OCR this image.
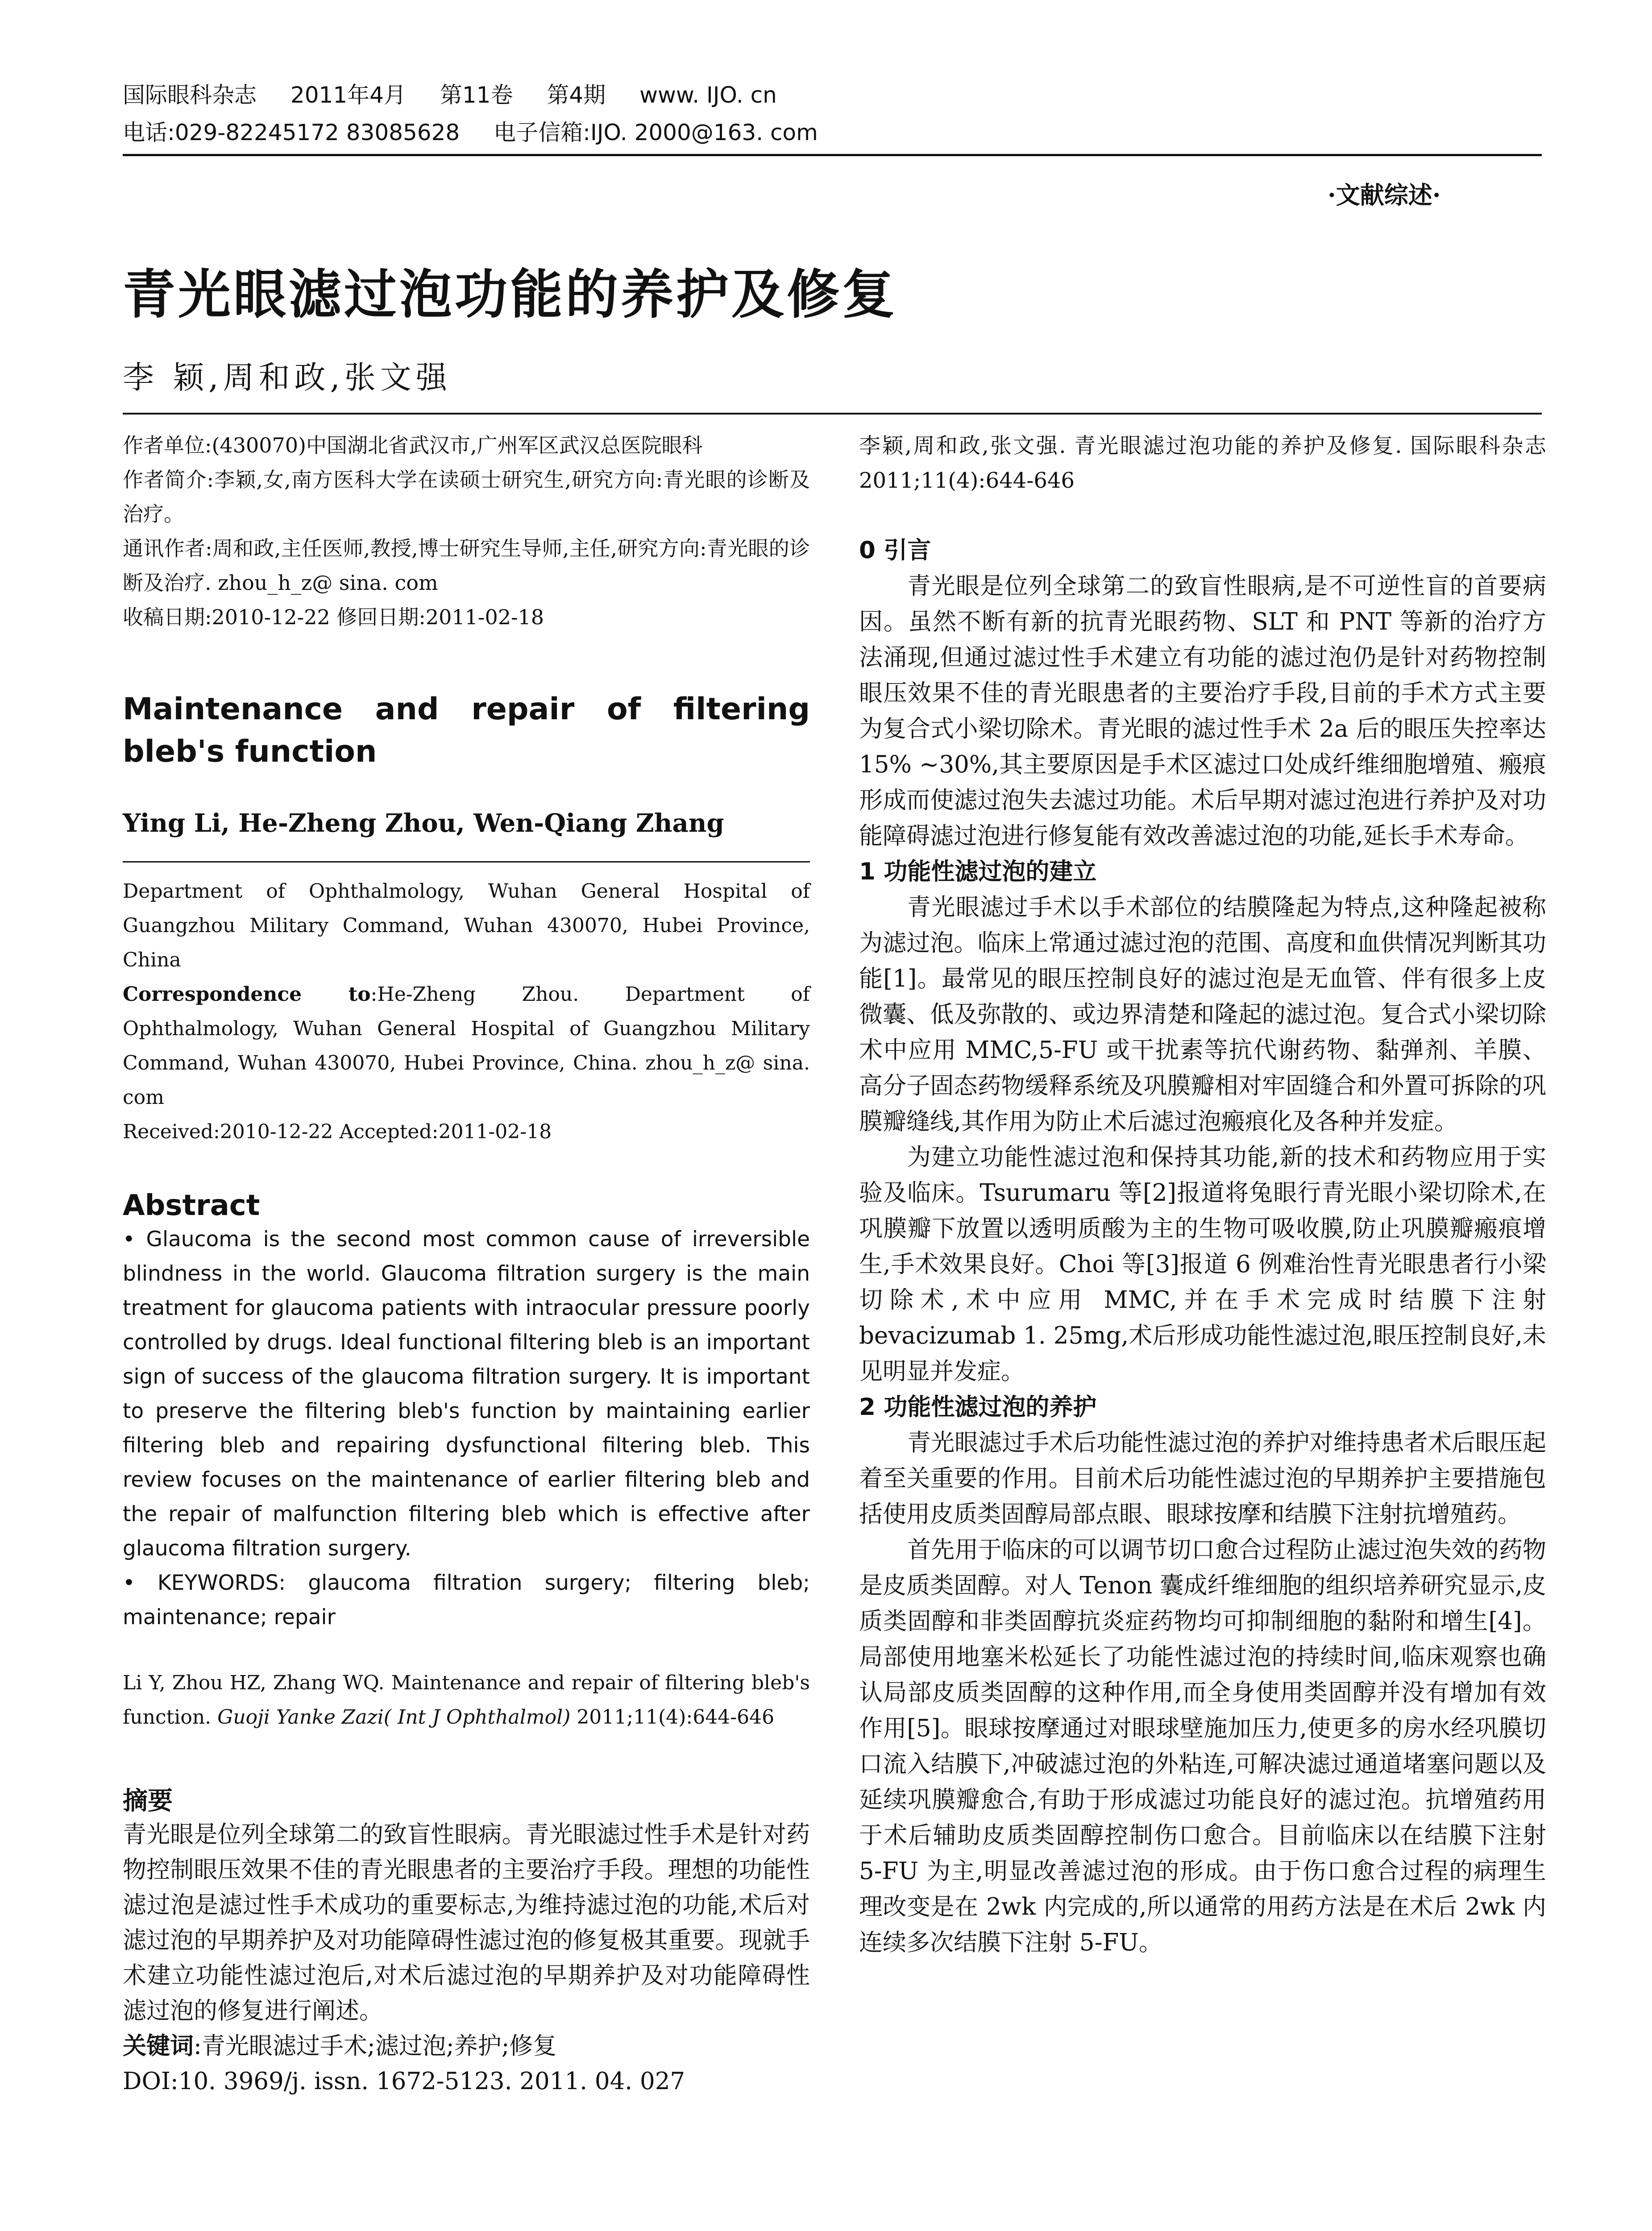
国际眼科杂志 2011年4月 第11卷 第4期 www. IJO. cn
电话:029-82245172 83085628 电子信箱:IJO. 2000@163. com
·文献综述·
青光眼滤过泡功能的养护及修复
李 颖,周和政,张文强

作者单位:(430070)中国湖北省武汉市,广州军区武汉总医院眼科

作者简介:李颖,女,南方医科大学在读硕士研究生,研究方向:青光眼的诊断及治疗。

通讯作者:周和政,主任医师,教授,博士研究生导师,主任,研究方向:青光眼的诊断及治疗. zhou_h_z@ sina. com

收稿日期:2010-12-22 修回日期:2011-02-18

Maintenance and repair of filtering
bleb's function
Ying Li, He-Zheng Zhou, Wen-Qiang Zhang

Department of Ophthalmology, Wuhan General Hospital of Guangzhou Military Command, Wuhan 430070, Hubei Province, China

Correspondence to:He-Zheng Zhou. Department of Ophthalmology, Wuhan General Hospital of Guangzhou Military Command, Wuhan 430070, Hubei Province, China. zhou_h_z@ sina. com

Received:2010-12-22 Accepted:2011-02-18

Abstract

• Glaucoma is the second most common cause of irreversible blindness in the world. Glaucoma filtration surgery is the main treatment for glaucoma patients with intraocular pressure poorly controlled by drugs. Ideal functional filtering bleb is an important sign of success of the glaucoma filtration surgery. It is important to preserve the filtering bleb's function by maintaining earlier filtering bleb and repairing dysfunctional filtering bleb. This review focuses on the maintenance of earlier filtering bleb and the repair of malfunction filtering bleb which is effective after glaucoma filtration surgery.

• KEYWORDS: glaucoma filtration surgery; filtering bleb; maintenance; repair

Li Y, Zhou HZ, Zhang WQ. Maintenance and repair of filtering bleb's function. Guoji Yanke Zazi( Int J Ophthalmol) 2011;11(4):644-646
摘要

青光眼是位列全球第二的致盲性眼病。青光眼滤过性手术是针对药物控制眼压效果不佳的青光眼患者的主要治疗手段。理想的功能性滤过泡是滤过性手术成功的重要标志,为维持滤过泡的功能,术后对滤过泡的早期养护及对功能障碍性滤过泡的修复极其重要。现就手术建立功能性滤过泡后,对术后滤过泡的早期养护及对功能障碍性滤过泡的修复进行阐述。

关键词:青光眼滤过手术;滤过泡;养护;修复
DOI:10. 3969/j. issn. 1672-5123. 2011. 04. 027

李颖,周和政,张文强. 青光眼滤过泡功能的养护及修复. 国际眼科杂志 2011;11(4):644-646

0 引言

青光眼是位列全球第二的致盲性眼病,是不可逆性盲的首要病因。虽然不断有新的抗青光眼药物、SLT 和 PNT 等新的治疗方法涌现,但通过滤过性手术建立有功能的滤过泡仍是针对药物控制眼压效果不佳的青光眼患者的主要治疗手段,目前的手术方式主要为复合式小梁切除术。青光眼的滤过性手术 2a 后的眼压失控率达 15% ~30%,其主要原因是手术区滤过口处成纤维细胞增殖、瘢痕形成而使滤过泡失去滤过功能。术后早期对滤过泡进行养护及对功能障碍滤过泡进行修复能有效改善滤过泡的功能,延长手术寿命。

1 功能性滤过泡的建立

青光眼滤过手术以手术部位的结膜隆起为特点,这种隆起被称为滤过泡。临床上常通过滤过泡的范围、高度和血供情况判断其功能[1]。最常见的眼压控制良好的滤过泡是无血管、伴有很多上皮微囊、低及弥散的、或边界清楚和隆起的滤过泡。复合式小梁切除术中应用 MMC,5-FU 或干扰素等抗代谢药物、黏弹剂、羊膜、高分子固态药物缓释系统及巩膜瓣相对牢固缝合和外置可拆除的巩膜瓣缝线,其作用为防止术后滤过泡瘢痕化及各种并发症。

为建立功能性滤过泡和保持其功能,新的技术和药物应用于实验及临床。Tsurumaru 等[2]报道将兔眼行青光眼小梁切除术,在巩膜瓣下放置以透明质酸为主的生物可吸收膜,防止巩膜瓣瘢痕增生,手术效果良好。Choi 等[3]报道 6 例难治性青光眼患者行小梁切除术,术中应用 MMC,并在手术完成时结膜下注射 bevacizumab 1. 25mg,术后形成功能性滤过泡,眼压控制良好,未见明显并发症。

2 功能性滤过泡的养护

青光眼滤过手术后功能性滤过泡的养护对维持患者术后眼压起着至关重要的作用。目前术后功能性滤过泡的早期养护主要措施包括使用皮质类固醇局部点眼、眼球按摩和结膜下注射抗增殖药。

首先用于临床的可以调节切口愈合过程防止滤过泡失效的药物是皮质类固醇。对人 Tenon 囊成纤维细胞的组织培养研究显示,皮质类固醇和非类固醇抗炎症药物均可抑制细胞的黏附和增生[4]。局部使用地塞米松延长了功能性滤过泡的持续时间,临床观察也确认局部皮质类固醇的这种作用,而全身使用类固醇并没有增加有效作用[5]。眼球按摩通过对眼球壁施加压力,使更多的房水经巩膜切口流入结膜下,冲破滤过泡的外粘连,可解决滤过通道堵塞问题以及延续巩膜瓣愈合,有助于形成滤过功能良好的滤过泡。抗增殖药用于术后辅助皮质类固醇控制伤口愈合。目前临床以在结膜下注射 5-FU 为主,明显改善滤过泡的形成。由于伤口愈合过程的病理生理改变是在 2wk 内完成的,所以通常的用药方法是在术后 2wk 内连续多次结膜下注射 5-FU。
